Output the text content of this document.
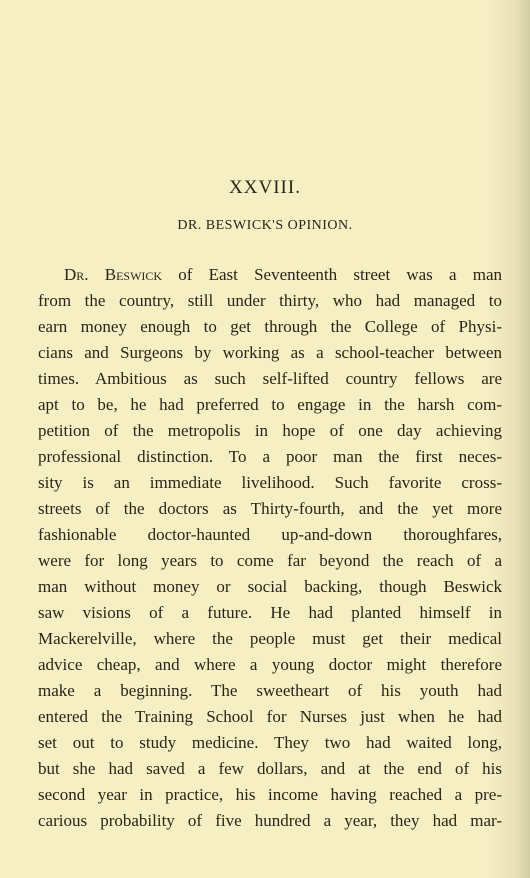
XXVIII.
DR. BESWICK'S OPINION.
Dr. Beswick of East Seventeenth street was a man
from the country, still under thirty, who had managed to
earn money enough to get through the College of Physi-
cians and Surgeons by working as a school-teacher between
times. Ambitious as such self-lifted country fellows are
apt to be, he had preferred to engage in the harsh com-
petition of the metropolis in hope of one day achieving
professional distinction. To a poor man the first neces-
sity is an immediate livelihood. Such favorite cross-
streets of the doctors as Thirty-fourth, and the yet more
fashionable doctor-haunted up-and-down thoroughfares,
were for long years to come far beyond the reach of a
man without money or social backing, though Beswick
saw visions of a future. He had planted himself in
Mackerelville, where the people must get their medical
advice cheap, and where a young doctor might therefore
make a beginning. The sweetheart of his youth had
entered the Training School for Nurses just when he had
set out to study medicine. They two had waited long,
but she had saved a few dollars, and at the end of his
second year in practice, his income having reached a pre-
carious probability of five hundred a year, they had mar-
